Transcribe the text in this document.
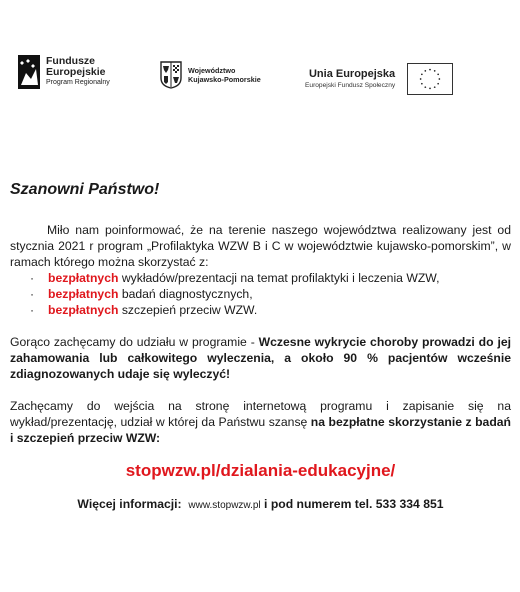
Fundusze
Europejskie
Program Regionalny
Województwo
Kujawsko-Pomorskie	Unia Europejska
Europejski Fundusz Społeczny
Szanowni Państwo!

Miło nam poinformować, że na terenie naszego województwa realizowany jest od stycznia 2021 r program „Profilaktyka WZW B i C w województwie kujawsko-pomorskim”, w ramach którego można skorzystać z:

· bezpłatnych wykładów/prezentacji na temat profilaktyki i leczenia WZW,
· bezpłatnych badań diagnostycznych,
· bezpłatnych szczepień przeciw WZW.

Gorąco zachęcamy do udziału w programie - Wczesne wykrycie choroby prowadzi do jej zahamowania lub całkowitego wyleczenia, a około 90 % pacjentów wcześnie zdiagnozowanych udaje się wyleczyć!

Zachęcamy do wejścia na stronę internetową programu i zapisanie się na wykład/prezentację, udział w której da Państwu szansę na bezpłatne skorzystanie z badań i szczepień przeciw WZW:

stopwzw.pl/dzialania-edukacyjne/
Więcej informacji: www.stopwzw.pl i pod numerem tel. 533 334 851
